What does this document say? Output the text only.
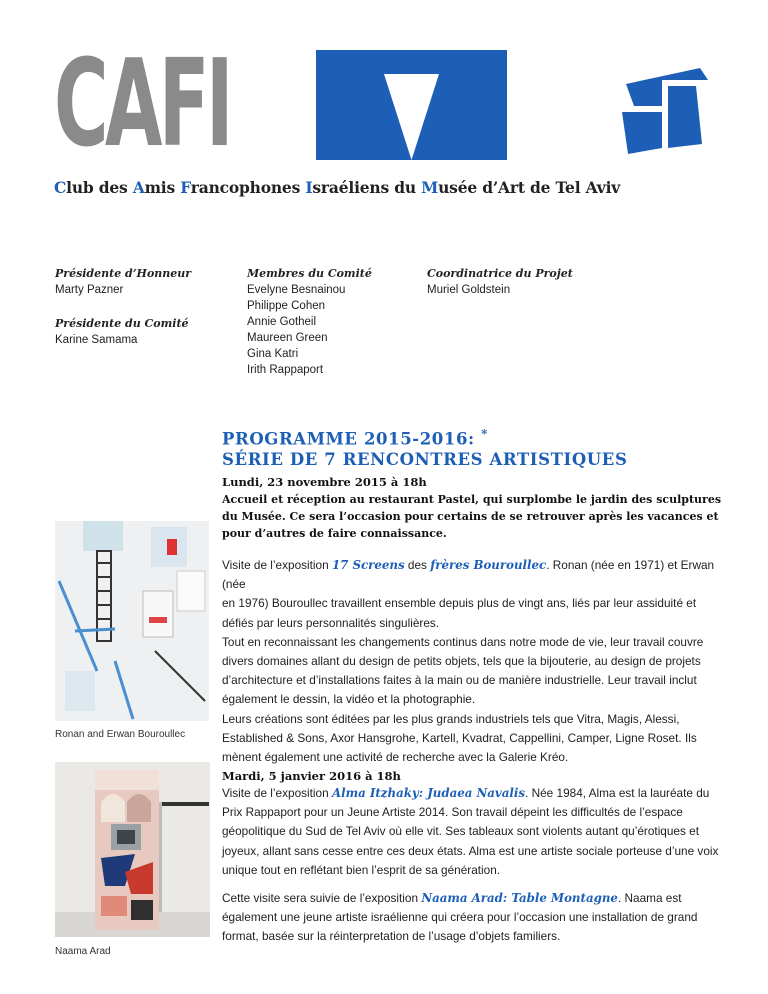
CAFI
Club des Amis Francophones Israéliens du Musée d’Art de Tel Aviv
Présidente d’Honneur
Marty Pazner
Présidente du Comité
Karine Samama
Membres du Comité
Evelyne Besnainou
Philippe Cohen
Annie Gotheil
Maureen Green
Gina Katri
Irith Rappaport
Coordinatrice du Projet
Muriel Goldstein
PROGRAMME 2015-2016: *
SÉRIE DE 7 RENCONTRES ARTISTIQUES
Lundi, 23 novembre 2015 à 18h
Accueil et réception au restaurant Pastel, qui surplombe le jardin des sculptures
du Musée. Ce sera l’occasion pour certains de se retrouver après les vacances et
pour d’autres de faire connaissance.
Ronan and Erwan Bouroullec
Visite de l’exposition 17 Screens des frères Bouroullec. Ronan (née en 1971) et Erwan (née
en 1976) Bouroullec travaillent ensemble depuis plus de vingt ans, liés par leur assiduité et
défiés par leurs personnalités singulières.
Tout en reconnaissant les changements continus dans notre mode de vie, leur travail couvre
divers domaines allant du design de petits objets, tels que la bijouterie, au design de projets
d’architecture et d’installations faites à la main ou de manière industrielle. Leur travail inclut
également le dessin, la vidéo et la photographie.
Leurs créations sont éditées par les plus grands industriels tels que Vitra, Magis, Alessi,
Established & Sons, Axor Hansgrohe, Kartell, Kvadrat, Cappellini, Camper, Ligne Roset. Ils
mènent également une activité de recherche avec la Galerie Kréo.
Mardi, 5 janvier 2016 à 18h
Naama Arad
Visite de l’exposition Alma Itzhaky: Judaea Navalis. Née 1984, Alma est la lauréate du
Prix Rappaport pour un Jeune Artiste 2014. Son travail dépeint les difficultés de l’espace
géopolitique du Sud de Tel Aviv où elle vit. Ses tableaux sont violents autant qu’érotiques et
joyeux, allant sans cesse entre ces deux états. Alma est une artiste sociale porteuse d’une voix
unique tout en reflétant bien l’esprit de sa génération.
Cette visite sera suivie de l’exposition Naama Arad: Table Montagne. Naama est
également une jeune artiste israélienne qui créera pour l’occasion une installation de grand
format, basée sur la réinterpretation de l’usage d’objets familiers.
